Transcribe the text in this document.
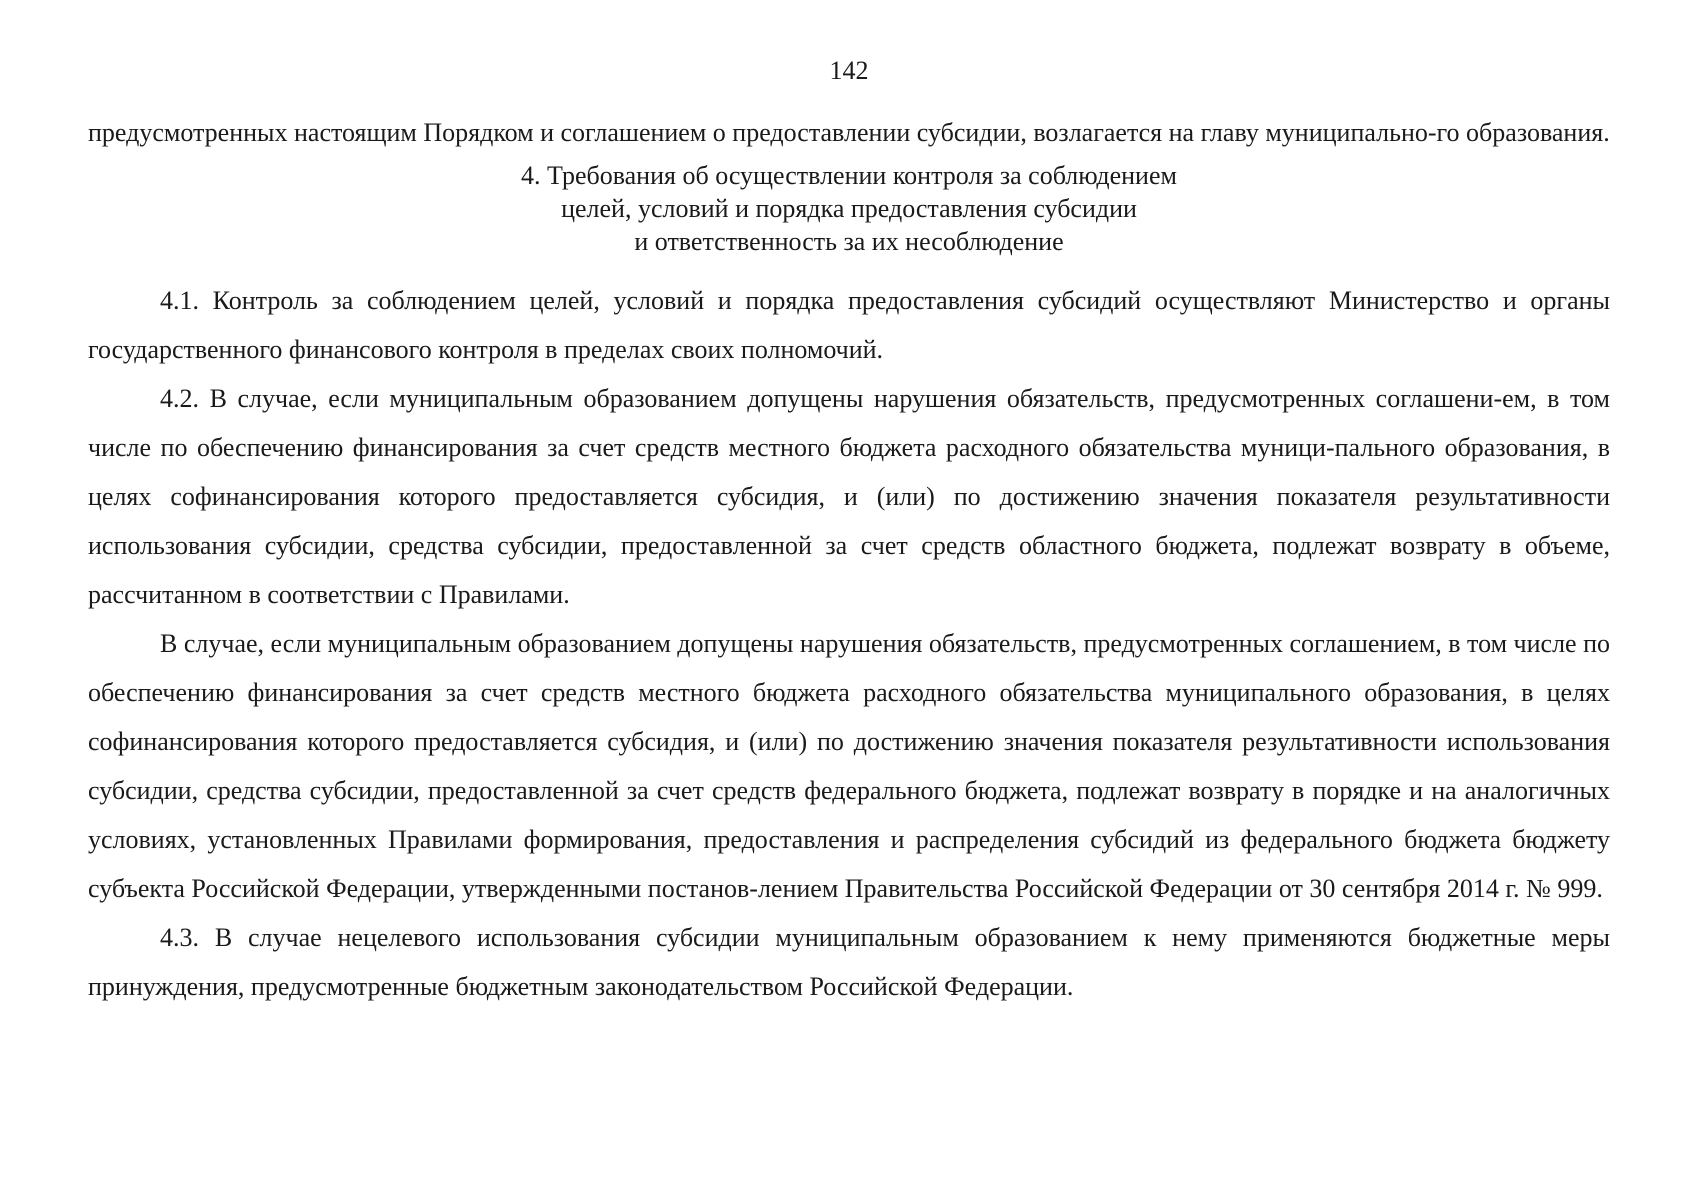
142

предусмотренных настоящим Порядком и соглашением о предоставлении субсидии, возлагается на главу муниципально-го образования.

4. Требования об осуществлении контроля за соблюдением
целей, условий и порядка предоставления субсидии
и ответственность за их несоблюдение

4.1. Контроль за соблюдением целей, условий и порядка предоставления субсидий осуществляют Министерство и органы государственного финансового контроля в пределах своих полномочий.

4.2. В случае, если муниципальным образованием допущены нарушения обязательств, предусмотренных соглашени-ем, в том числе по обеспечению финансирования за счет средств местного бюджета расходного обязательства муници-пального образования, в целях софинансирования которого предоставляется субсидия, и (или) по достижению значения показателя результативности использования субсидии, средства субсидии, предоставленной за счет средств областного бюджета, подлежат возврату в объеме, рассчитанном в соответствии с Правилами.

В случае, если муниципальным образованием допущены нарушения обязательств, предусмотренных соглашением, в том числе по обеспечению финансирования за счет средств местного бюджета расходного обязательства муниципального образования, в целях софинансирования которого предоставляется субсидия, и (или) по достижению значения показателя результативности использования субсидии, средства субсидии, предоставленной за счет средств федерального бюджета, подлежат возврату в порядке и на аналогичных условиях, установленных Правилами формирования, предоставления и распределения субсидий из федерального бюджета бюджету субъекта Российской Федерации, утвержденными постанов-лением Правительства Российской Федерации от 30 сентября 2014 г. № 999.

4.3. В случае нецелевого использования субсидии муниципальным образованием к нему применяются бюджетные меры принуждения, предусмотренные бюджетным законодательством Российской Федерации.
